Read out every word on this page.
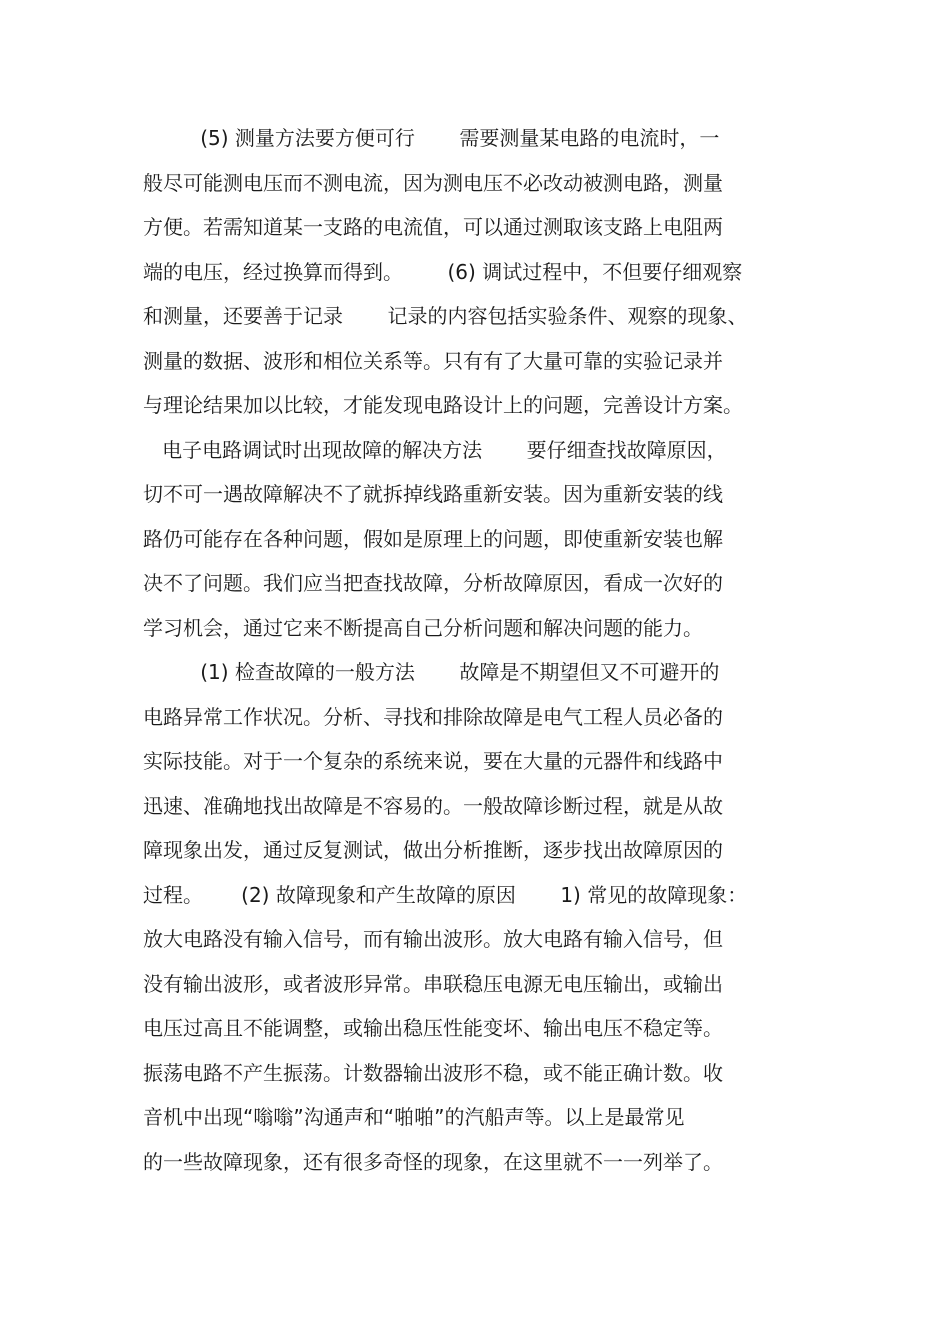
(5) 测量方法要方便可行       需要测量某电路的电流时，一
般尽可能测电压而不测电流，因为测电压不必改动被测电路，测量
方便。若需知道某一支路的电流值，可以通过测取该支路上电阻两
端的电压，经过换算而得到。       (6) 调试过程中，不但要仔细观察
和测量，还要善于记录       记录的内容包括实验条件、观察的现象、
测量的数据、波形和相位关系等。只有有了大量可靠的实验记录并
与理论结果加以比较，才能发现电路设计上的问题，完善设计方案。
电子电路调试时出现故障的解决方法       要仔细查找故障原因，
切不可一遇故障解决不了就拆掉线路重新安装。因为重新安装的线
路仍可能存在各种问题，假如是原理上的问题，即使重新安装也解
决不了问题。我们应当把查找故障，分析故障原因，看成一次好的
学习机会，通过它来不断提高自己分析问题和解决问题的能力。
(1) 检查故障的一般方法       故障是不期望但又不可避开的
电路异常工作状况。分析、寻找和排除故障是电气工程人员必备的
实际技能。对于一个复杂的系统来说，要在大量的元器件和线路中
迅速、准确地找出故障是不容易的。一般故障诊断过程，就是从故
障现象出发，通过反复测试，做出分析推断，逐步找出故障原因的
过程。      (2) 故障现象和产生故障的原因       1) 常见的故障现象：
放大电路没有输入信号，而有输出波形。放大电路有输入信号，但
没有输出波形，或者波形异常。串联稳压电源无电压输出，或输出
电压过高且不能调整，或输出稳压性能变坏、输出电压不稳定等。
振荡电路不产生振荡。计数器输出波形不稳，或不能正确计数。收
音机中出现“嗡嗡”沟通声和“啪啪”的汽船声等。以上是最常见
的一些故障现象，还有很多奇怪的现象，在这里就不一一列举了。
